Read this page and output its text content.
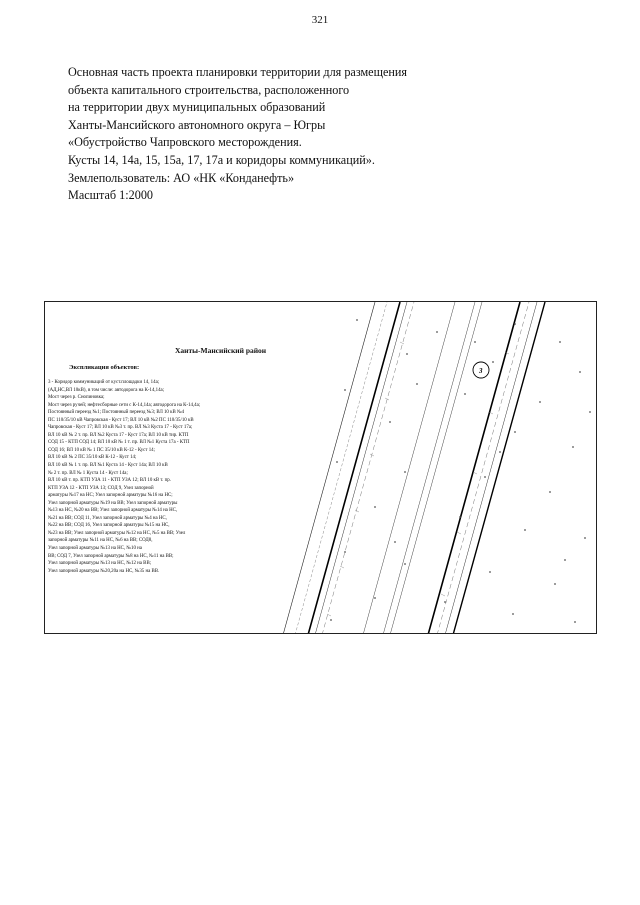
321
Основная часть проекта планировки территории для размещения
объекта капитального строительства, расположенного
на территории двух муниципальных образований
Ханты-Мансийского автономного округа – Югры
«Обустройство Чапровского месторождения.
Кусты 14, 14а, 15, 15а, 17, 17а и коридоры коммуникаций».
Землепользователь: АО «НК «Конданефть»
Масштаб 1:2000
3
Ханты-Мансийский район
Экспликация объектов:
3 - Коридор коммуникаций от куст.площадки 14, 14а;
(АД,НС,ВЛ 10кВ), в том числе: автодорога на К-14,14а;
Мост через р. Снопиновка;
Мост через ручей; нефтесборные сети с К-14,14а; автодорога на К-14,4а;
Постоянный переезд №1; Постоянный переезд №3; ВЛ 10 кВ №4
ПС 110/35/10 кВ Чапровская - Куст 17; ВЛ 10 кВ №2 ПС 110/35/10 кВ
Чапровская - Куст 17; ВЛ 10 кВ №3 т. пр. ВЛ №3 Куста 17 - Куст 17а;
ВЛ 10 кВ № 2 т. пр. ВЛ №2 Куста 17 - Куст 17а; ВЛ 10 кВ тир. КТП
СОД 15 - КТП СОД 14; ВЛ 10 кВ № 1 т. пр. ВЛ №1 Куста 17а - КТП
СОД 16; ВЛ 10 кВ № 1 ПС 35/10 кВ К-12 - Куст 14;
ВЛ 10 кВ № 2 ПС 35/10 кВ К-12 - Куст 14;
ВЛ 10 кВ № 1 т. пр. ВЛ №1 Куста 14 - Куст 14а; ВЛ 10 кВ
№ 2 т. пр. ВЛ № 1 Куста 14 - Куст 14а;
ВЛ 10 кВ т. пр. КТП УЗА 11 - КТП УЗА 12; ВЛ 10 кВ т. пр.
КТП УЗА 12 - КТП УЗА 13; СОД 9, Узел запорной
арматуры №17 на НС; Узел запорной арматуры №16 на НС;
Узел запорной арматуры №19 на ВВ; Узел запорной арматуры
№13 на НС, №20 на ВВ; Узел запорной арматуры №14 на НС,
№21 на ВВ; СОД 11, Узел запорной арматуры №4 на НС,
№22 на ВВ; СОД 16, Узел запорной арматуры №15 на НС,
№23 на ВВ; Узел запорной арматуры №12 на НС, №5 на ВВ; Узел
запорной арматуры №11 на НС, №6 на ВВ; СОД8,
Узел запорной арматуры №13 на НС, №10 на
ВВ; СОД 7, Узел запорной арматуры №8 на НС, №11 на ВВ;
Узел запорной арматуры №13 на НС, №12 на ВВ;
Узел запорной арматуры №20,20а на НС, №35 на ВВ.
